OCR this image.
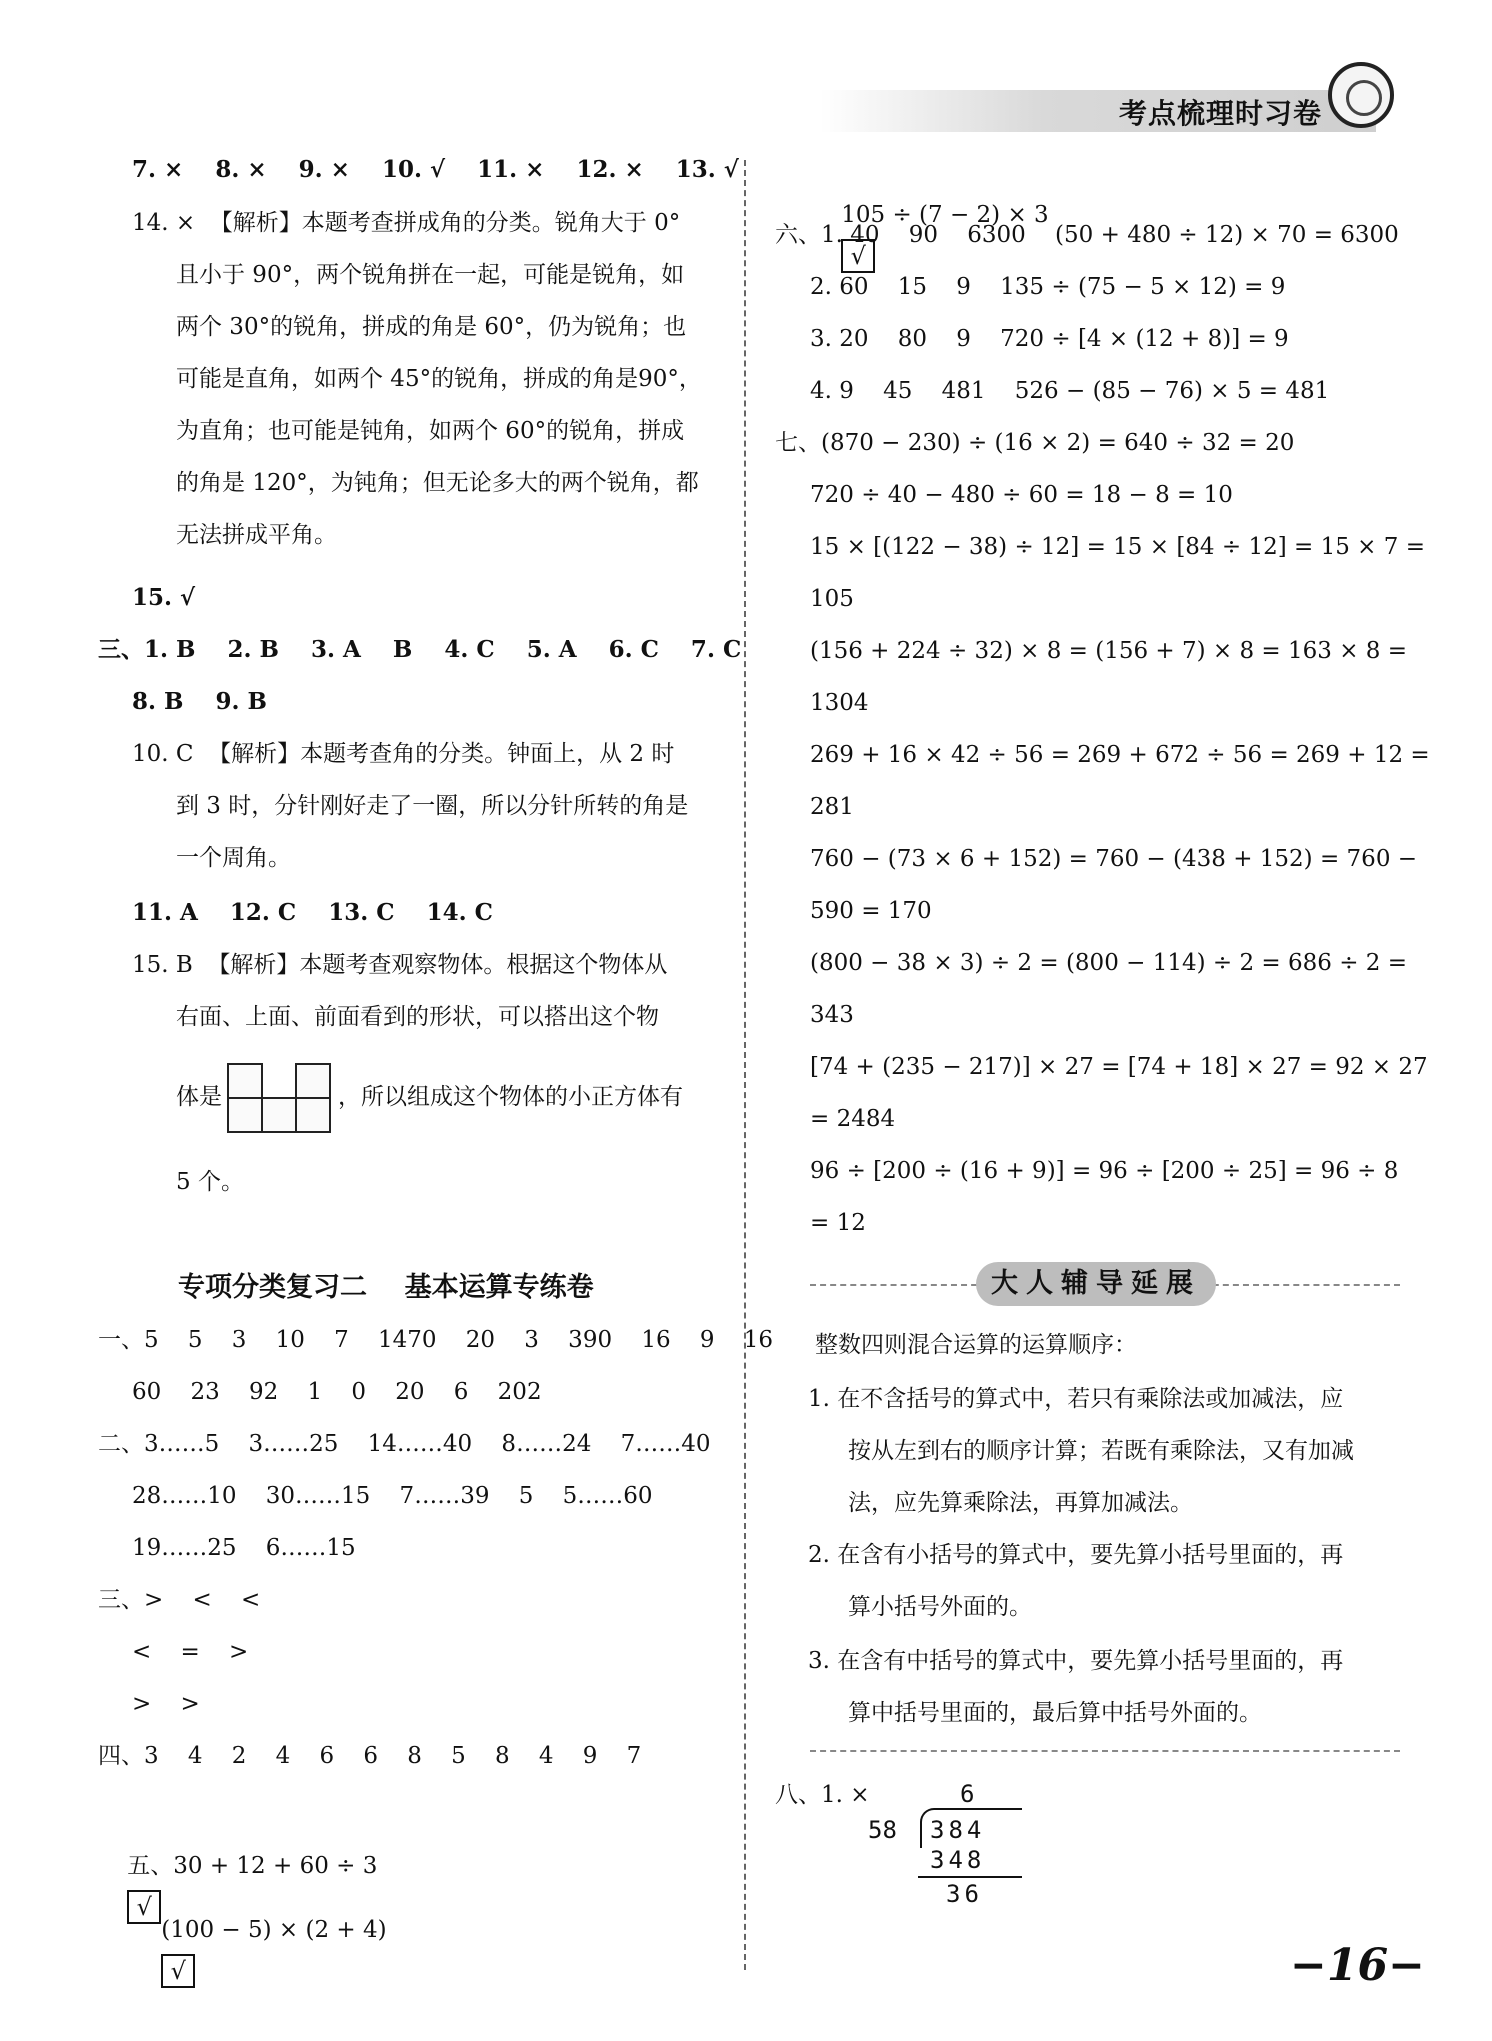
考点梳理时习卷
7. ×    8. ×    9. ×    10. √    11. ×    12. ×    13. √
14. ×  【解析】本题考查拼成角的分类。锐角大于 0°
且小于 90°，两个锐角拼在一起，可能是锐角，如
两个 30°的锐角，拼成的角是 60°，仍为锐角；也
可能是直角，如两个 45°的锐角，拼成的角是90°，
为直角；也可能是钝角，如两个 60°的锐角，拼成
的角是 120°，为钝角；但无论多大的两个锐角，都
无法拼成平角。
15. √
三、1. B    2. B    3. A    B    4. C    5. A    6. C    7. C
8. B    9. B
10. C  【解析】本题考查角的分类。钟面上，从 2 时
到 3 时，分针刚好走了一圈，所以分针所转的角是
一个周角。
11. A    12. C    13. C    14. C
15. B  【解析】本题考查观察物体。根据这个物体从
右面、上面、前面看到的形状，可以搭出这个物
体是	，所以组成这个物体的小正方体有
5 个。
专项分类复习二    基本运算专练卷
一、5    5    3    10    7    1470    20    3    390    16    9    16
60    23    92    1    0    20    6    202
二、3……5    3……25    14……40    8……24    7……40
28……10    30……15    7……39    5    5……60
19……25    6……15
三、>    <    <
<    =    >
>    >
四、3    4    2    4    6    6    8    5    8    4    9    7

五、30 + 12 + 60 ÷ 3
√

(100 − 5) × (2 + 4)
√

105 ÷ (7 − 2) × 3
√

六、1. 40    90    6300    (50 + 480 ÷ 12) × 70 = 6300
2. 60    15    9    135 ÷ (75 − 5 × 12) = 9
3. 20    80    9    720 ÷ [4 × (12 + 8)] = 9
4. 9    45    481    526 − (85 − 76) × 5 = 481
七、(870 − 230) ÷ (16 × 2) = 640 ÷ 32 = 20
720 ÷ 40 − 480 ÷ 60 = 18 − 8 = 10
15 × [(122 − 38) ÷ 12] = 15 × [84 ÷ 12] = 15 × 7 =
105
(156 + 224 ÷ 32) × 8 = (156 + 7) × 8 = 163 × 8 =
1304
269 + 16 × 42 ÷ 56 = 269 + 672 ÷ 56 = 269 + 12 =
281
760 − (73 × 6 + 152) = 760 − (438 + 152) = 760 −
590 = 170
(800 − 38 × 3) ÷ 2 = (800 − 114) ÷ 2 = 686 ÷ 2 =
343
[74 + (235 − 217)] × 27 = [74 + 18] × 27 = 92 × 27
= 2484
96 ÷ [200 ÷ (16 + 9)] = 96 ÷ [200 ÷ 25] = 96 ÷ 8
= 12
大人辅导延展
整数四则混合运算的运算顺序：
1. 在不含括号的算式中，若只有乘除法或加减法，应
按从左到右的顺序计算；若既有乘除法，又有加减
法，应先算乘除法，再算加减法。
2. 在含有小括号的算式中，要先算小括号里面的，再
算小括号外面的。
3. 在含有中括号的算式中，要先算小括号里面的，再
算中括号里面的，最后算中括号外面的。
八、1. ×	6
58 384
348
36
−16−
